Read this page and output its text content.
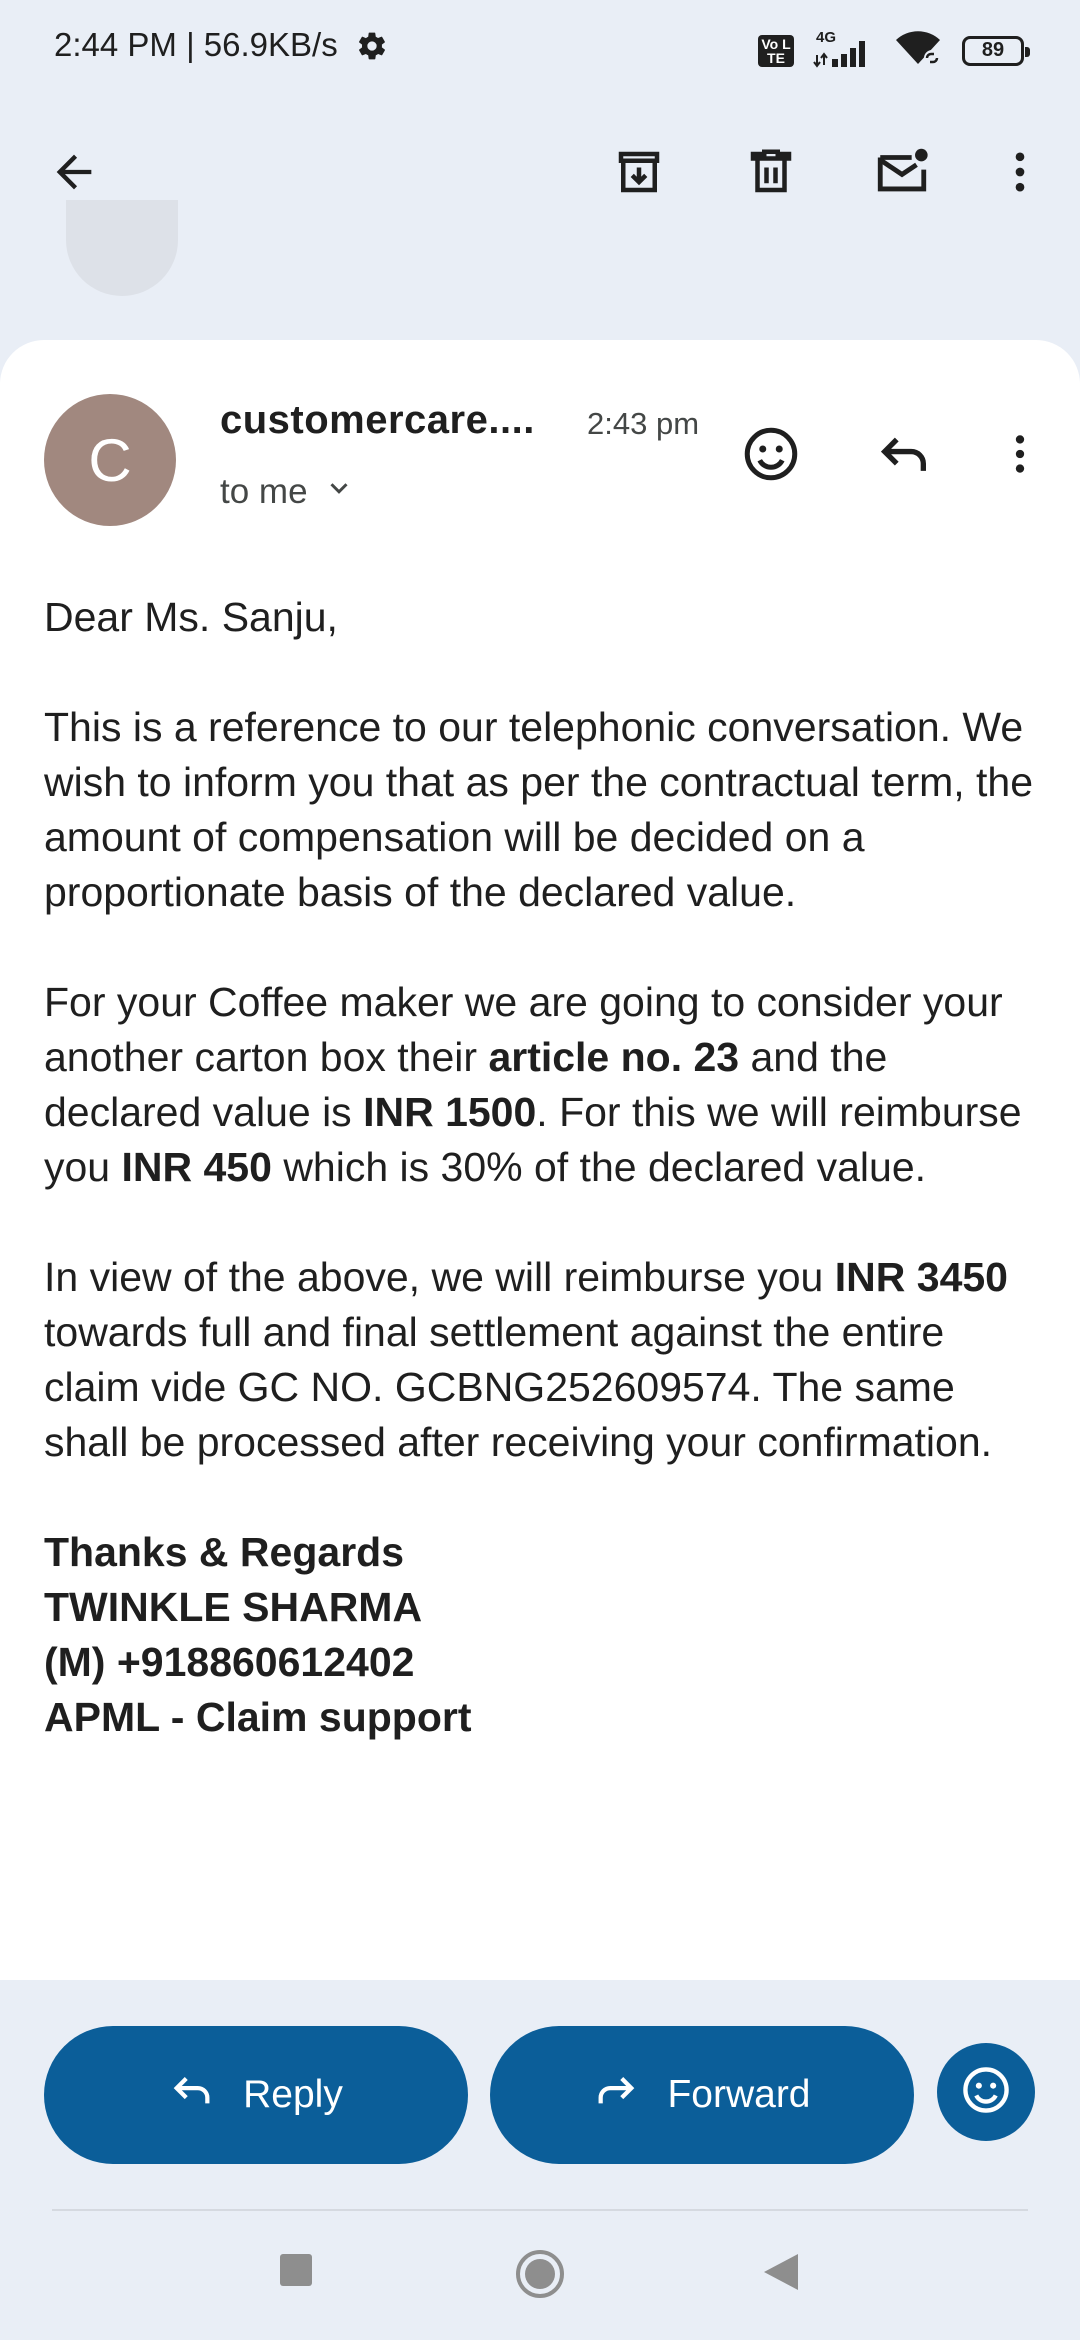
2:44 PM | 56.9KB/s	Vo LTE
4G
89
C
customercare.... 2:43 pm
to me

Dear Ms. Sanju,

This is a reference to our telephonic conversation. We wish to inform you that as per the contractual term, the amount of compensation will be decided on a proportionate basis of the declared value.

For your Coffee maker we are going to consider your another carton box their article no. 23 and the declared value is INR 1500. For this we will reimburse you INR 450 which is 30% of the declared value.

In view of the above, we will reimburse you INR 3450 towards full and final settlement against the entire claim vide GC NO. GCBNG252609574. The same shall be processed after receiving your confirmation.

Thanks & Regards
TWINKLE SHARMA
(M) +918860612402
APML - Claim support
Reply	Forward
